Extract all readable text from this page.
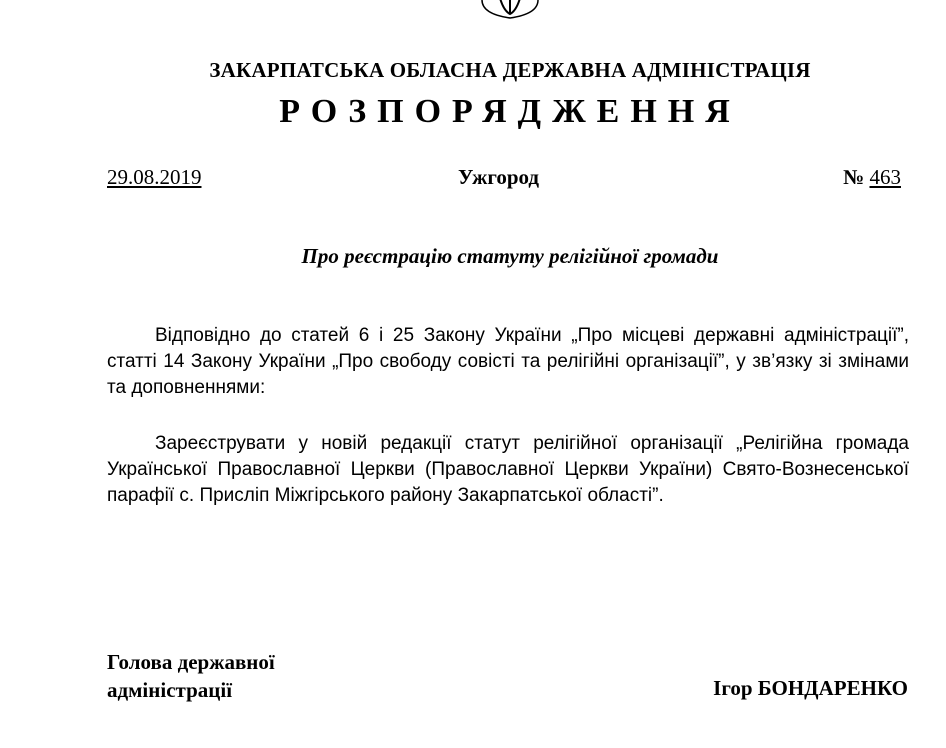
ЗАКАРПАТСЬКА ОБЛАСНА ДЕРЖАВНА АДМІНІСТРАЦІЯ
РОЗПОРЯДЖЕННЯ
29.08.2019	Ужгород	№ 463
Про реєстрацію статуту релігійної громади

Відповідно до статей 6 і 25 Закону України „Про місцеві державні адміністрації”, статті 14 Закону України „Про свободу совісті та релігійні організації”, у зв’язку зі змінами та доповненнями:

Зареєструвати у новій редакції статут релігійної організації „Релігійна громада Української Православної Церкви (Православної Церкви України) Свято-Вознесенської парафії с. Присліп Міжгірського району Закарпатської області”.

Голова державної
адміністрації	Ігор БОНДАРЕНКО
